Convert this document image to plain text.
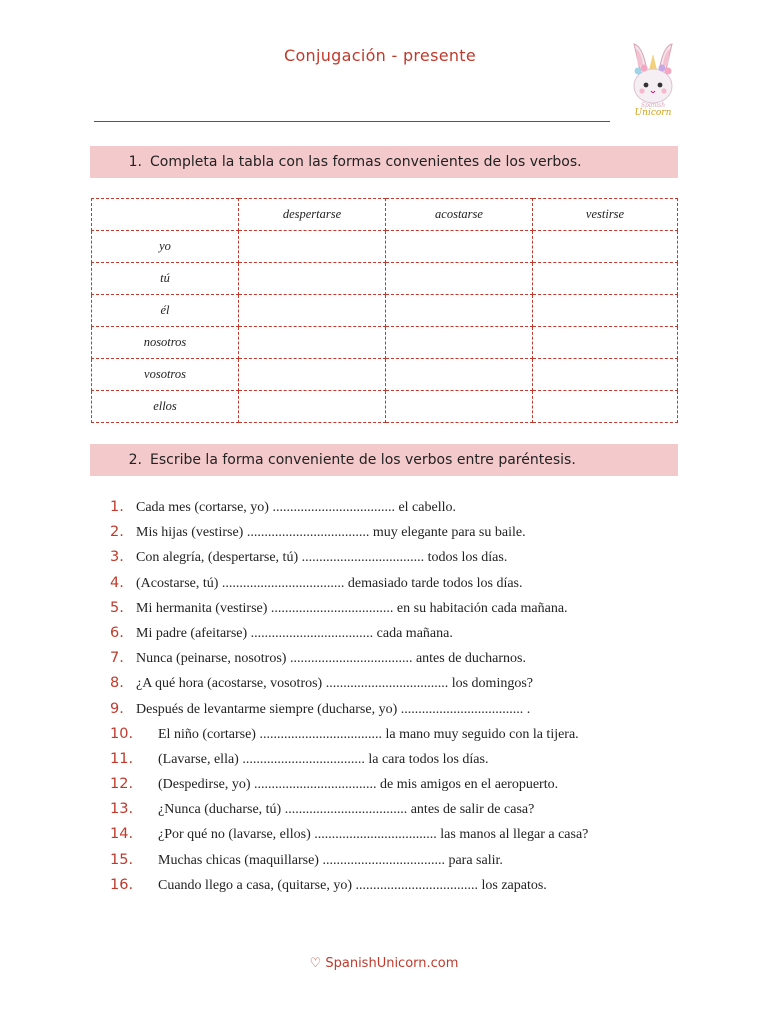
Conjugación - presente
Spanish
Unicorn
1. Completa la tabla con las formas convenientes de los verbos.
	despertarse	acostarse	vestirse
yo			
tú			
él			
nosotros			
vosotros			
ellos			
2. Escribe la forma conveniente de los verbos entre paréntesis.
1. Cada mes (cortarse, yo) ................................... el cabello.
2. Mis hijas (vestirse) ................................... muy elegante para su baile.
3. Con alegría, (despertarse, tú) ................................... todos los días.
4. (Acostarse, tú) ................................... demasiado tarde todos los días.
5. Mi hermanita (vestirse) ................................... en su habitación cada mañana.
6. Mi padre (afeitarse) ................................... cada mañana.
7. Nunca (peinarse, nosotros) ................................... antes de ducharnos.
8. ¿A qué hora (acostarse, vosotros) ................................... los domingos?
9. Después de levantarme siempre (ducharse, yo) ................................... .
10. El niño (cortarse) ................................... la mano muy seguido con la tijera.
11. (Lavarse, ella) ................................... la cara todos los días.
12. (Despedirse, yo) ................................... de mis amigos en el aeropuerto.
13. ¿Nunca (ducharse, tú) ................................... antes de salir de casa?
14. ¿Por qué no (lavarse, ellos) ................................... las manos al llegar a casa?
15. Muchas chicas (maquillarse) ................................... para salir.
16. Cuando llego a casa, (quitarse, yo) ................................... los zapatos.
♡ SpanishUnicorn.com
